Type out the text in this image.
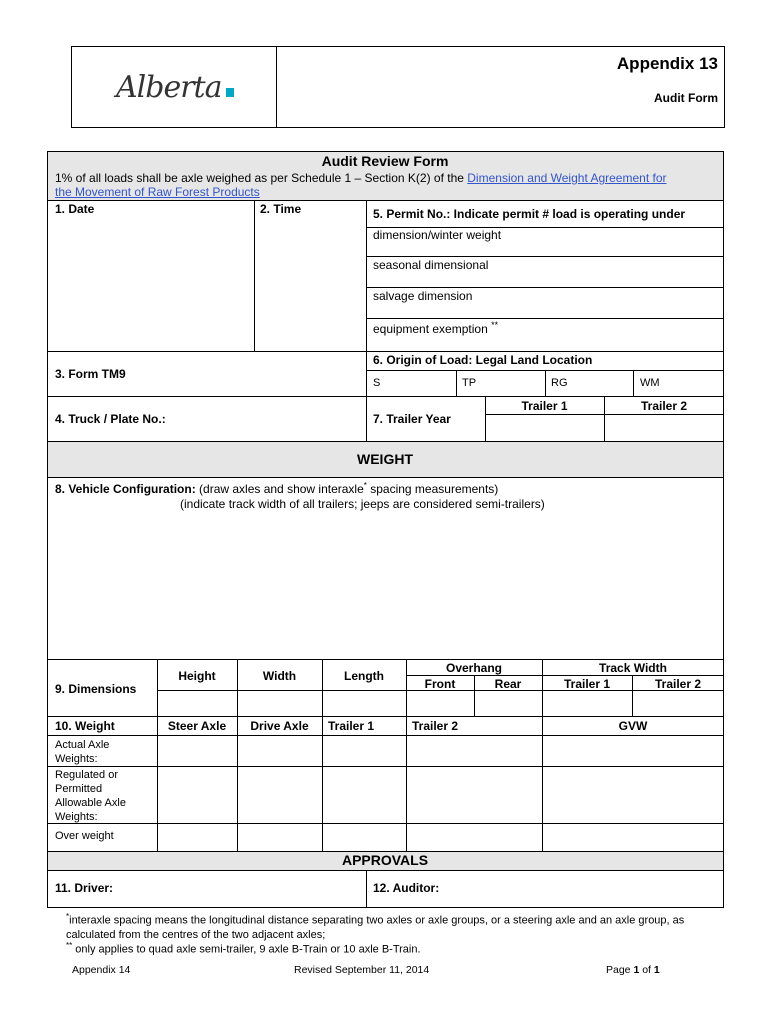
Alberta
Appendix 13
Audit Form
Audit Review Form
1% of all loads shall be axle weighed as per Schedule 1 – Section K(2) of the Dimension and Weight Agreement for
the Movement of Raw Forest Products
1. Date	2. Time	5. Permit No.: Indicate permit # load is operating under
dimension/winter weight
seasonal dimensional
salvage dimension
equipment exemption **
3. Form TM9
6. Origin of Load: Legal Land Location
S	TP	RG	WM
4. Truck / Plate No.:	7. Trailer Year
Trailer 1	Trailer 2
WEIGHT
8. Vehicle Configuration: (draw axles and show interaxle* spacing measurements)
(indicate track width of all trailers; jeeps are considered semi-trailers)
9. Dimensions
Height	Width	Length
Overhang
Front	Rear
Track Width
Trailer 1	Trailer 2
10. Weight	Steer Axle	Drive Axle	Trailer 1	Trailer 2	GVW
Actual Axle Weights:
Regulated or Permitted Allowable Axle Weights:
Over weight
APPROVALS
11. Driver:	12. Auditor:
*interaxle spacing means the longitudinal distance separating two axles or axle groups, or a steering axle and an axle group, as
calculated from the centres of the two adjacent axles;
** only applies to quad axle semi-trailer, 9 axle B-Train or 10 axle B-Train.
Appendix 14	Revised September 11, 2014	Page 1 of 1
